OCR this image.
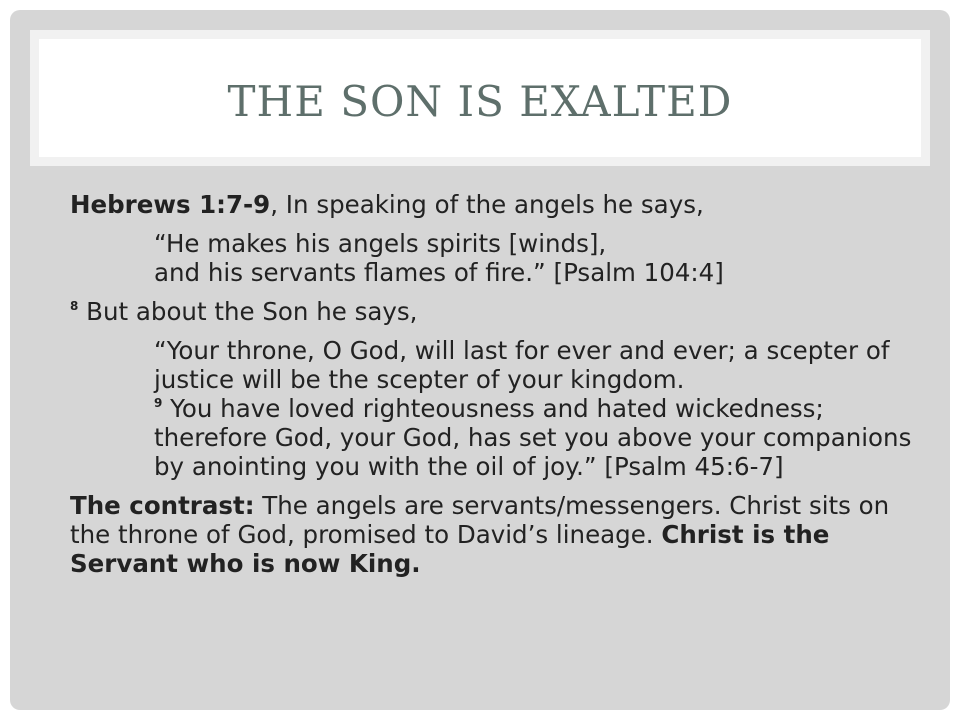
THE SON IS EXALTED

Hebrews 1:7-9, In speaking of the angels he says,

“He makes his angels spirits [winds],
and his servants flames of fire.” [Psalm 104:4]

$^8$ But about the Son he says,

“Your throne, O God, will last for ever and ever; a scepter of justice will be the scepter of your kingdom.
$^9$ You have loved righteousness and hated wickedness; therefore God, your God, has set you above your companions by anointing you with the oil of joy.” [Psalm 45:6-7]

The contrast: The angels are servants/messengers. Christ sits on the throne of God, promised to David’s lineage. Christ is the Servant who is now King.
